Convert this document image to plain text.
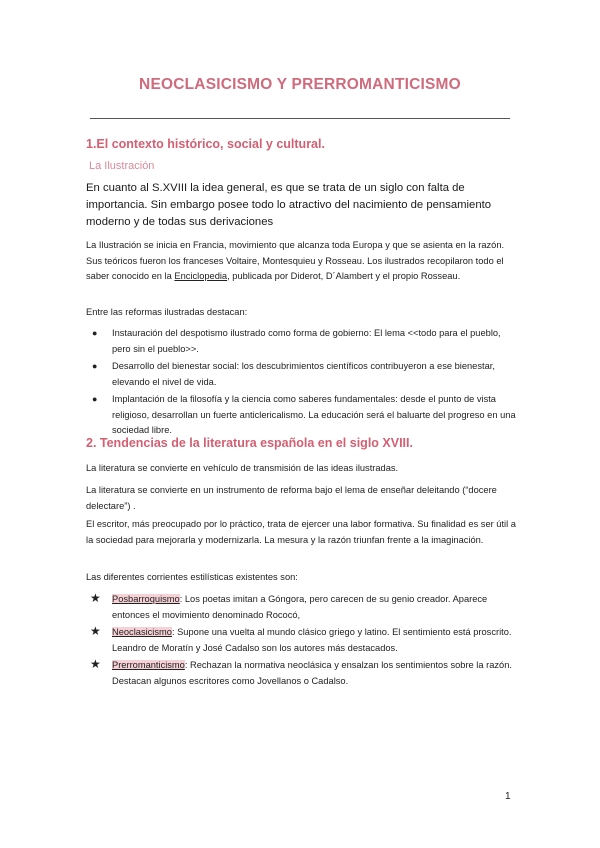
NEOCLASICISMO Y PRERROMANTICISMO
1.El contexto histórico, social y cultural.
La Ilustración
En cuanto al S.XVIII la idea general, es que se trata de un siglo con falta de importancia. Sin embargo posee todo lo atractivo del nacimiento de pensamiento moderno y de todas sus derivaciones
La Ilustración se inicia en Francia, movimiento que alcanza toda Europa y que se asienta en la razón. Sus teóricos fueron los franceses Voltaire, Montesquieu y Rosseau. Los ilustrados recopilaron todo el saber conocido en la Enciclopedia, publicada por Diderot, D´Alambert y el propio Rosseau.
Entre las reformas ilustradas destacan:
● Instauración del despotismo ilustrado como forma de gobierno: El lema <<todo para el pueblo, pero sin el pueblo>>.
● Desarrollo del bienestar social: los descubrimientos científicos contribuyeron a ese bienestar, elevando el nivel de vida.
● Implantación de la filosofía y la ciencia como saberes fundamentales: desde el punto de vista religioso, desarrollan un fuerte anticlericalismo. La educación será el baluarte del progreso en una sociedad libre.
2. Tendencias de la literatura española en el siglo XVIII.
La literatura se convierte en vehículo de transmisión de las ideas ilustradas.
La literatura se convierte en un instrumento de reforma bajo el lema de enseñar deleitando (“docere delectare”) .
El escritor, más preocupado por lo práctico, trata de ejercer una labor formativa. Su finalidad es ser útil a la sociedad para mejorarla y modernizarla. La mesura y la razón triunfan frente a la imaginación.
Las diferentes corrientes estilísticas existentes son:
★ Posbarroquismo: Los poetas imitan a Góngora, pero carecen de su genio creador. Aparece entonces el movimiento denominado Rococó,
★ Neoclasicismo: Supone una vuelta al mundo clásico griego y latino. El sentimiento está proscrito. Leandro de Moratín y José Cadalso son los autores más destacados.
★ Prerromanticismo: Rechazan la normativa neoclásica y ensalzan los sentimientos sobre la razón. Destacan algunos escritores como Jovellanos o Cadalso.
1
